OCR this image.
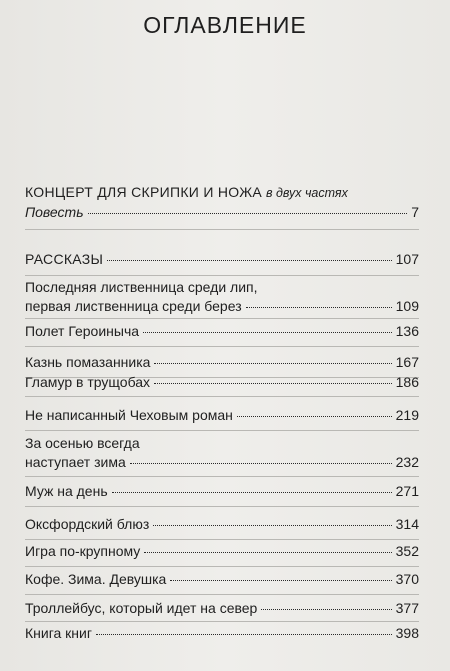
ОГЛАВЛЕНИЕ
КОНЦЕРТ ДЛЯ СКРИПКИ И НОЖА в двух частях
Повесть	7
РАССКАЗЫ	107
Последняя лиственница среди лип,
первая лиственница среди берез	109
Полет Героиныча	136
Казнь помазанника	167
Гламур в трущобах	186
Не написанный Чеховым роман	219
За осенью всегда
наступает зима	232
Муж на день	271
Оксфордский блюз	314
Игра по-крупному	352
Кофе. Зима. Девушка	370
Троллейбус, который идет на север	377
Книга книг	398
